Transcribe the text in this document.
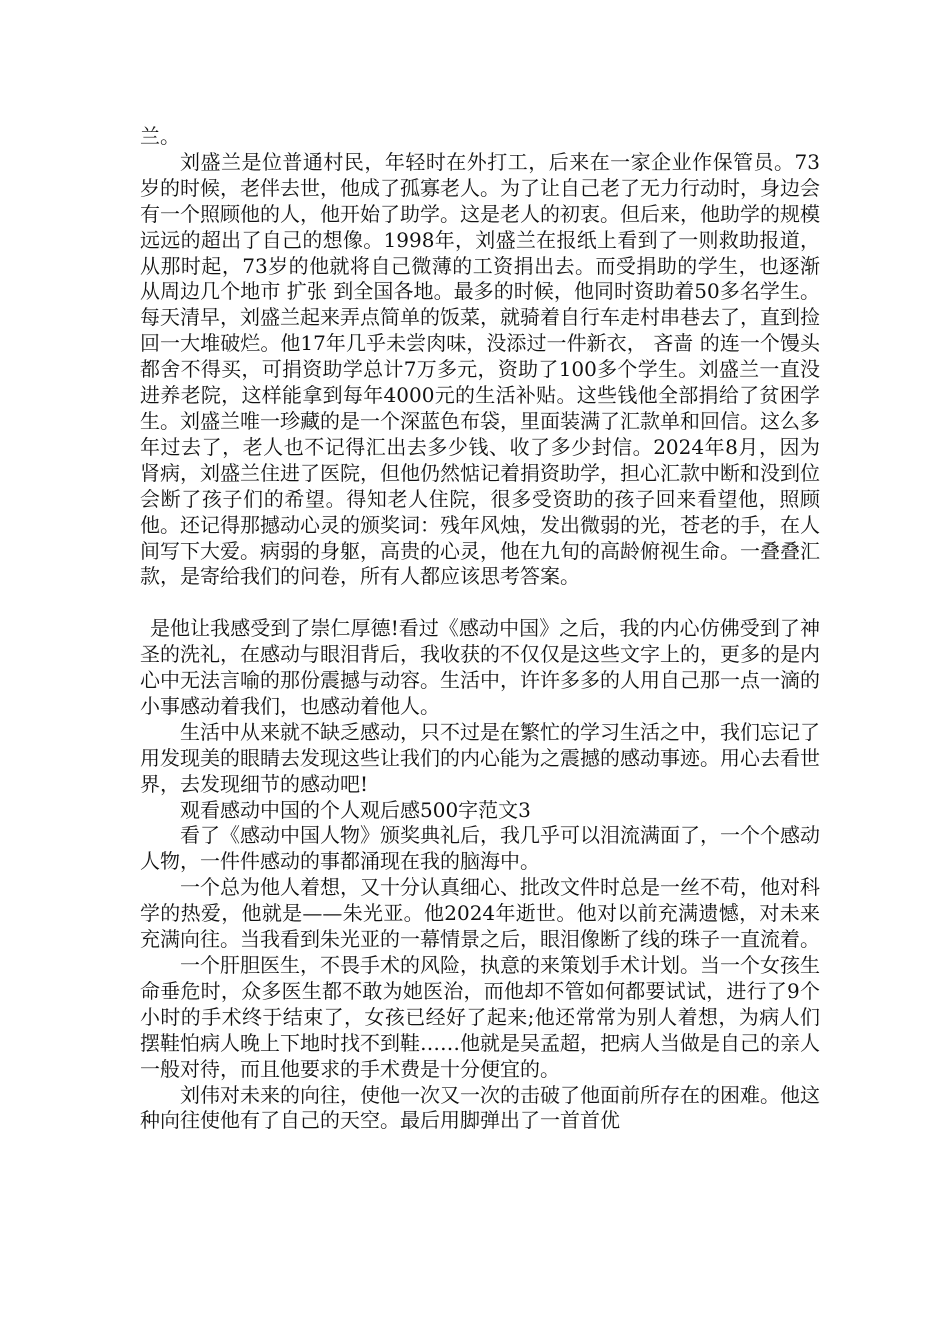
兰。

刘盛兰是位普通村民，年轻时在外打工，后来在一家企业作保管员。73岁的时候，老伴去世，他成了孤寡老人。为了让自己老了无力行动时，身边会有一个照顾他的人，他开始了助学。这是老人的初衷。但后来，他助学的规模远远的超出了自己的想像。1998年，刘盛兰在报纸上看到了一则救助报道，从那时起，73岁的他就将自己微薄的工资捐出去。而受捐助的学生，也逐渐从周边几个地市 扩张 到全国各地。最多的时候，他同时资助着50多名学生。每天清早，刘盛兰起来弄点简单的饭菜，就骑着自行车走村串巷去了，直到捡回一大堆破烂。他17年几乎未尝肉味，没添过一件新衣， 吝啬 的连一个馒头都舍不得买，可捐资助学总计7万多元，资助了100多个学生。刘盛兰一直没进养老院，这样能拿到每年4000元的生活补贴。这些钱他全部捐给了贫困学生。刘盛兰唯一珍藏的是一个深蓝色布袋，里面装满了汇款单和回信。这么多年过去了，老人也不记得汇出去多少钱、收了多少封信。2024年8月，因为肾病，刘盛兰住进了医院，但他仍然惦记着捐资助学，担心汇款中断和没到位会断了孩子们的希望。得知老人住院，很多受资助的孩子回来看望他，照顾他。还记得那撼动心灵的颁奖词：残年风烛，发出微弱的光，苍老的手，在人间写下大爱。病弱的身躯，高贵的心灵，他在九旬的高龄俯视生命。一叠叠汇款，是寄给我们的问卷，所有人都应该思考答案。

是他让我感受到了崇仁厚德!看过《感动中国》之后，我的内心仿佛受到了神圣的洗礼，在感动与眼泪背后，我收获的不仅仅是这些文字上的，更多的是内心中无法言喻的那份震撼与动容。生活中，许许多多的人用自己那一点一滴的小事感动着我们，也感动着他人。

生活中从来就不缺乏感动，只不过是在繁忙的学习生活之中，我们忘记了用发现美的眼睛去发现这些让我们的内心能为之震撼的感动事迹。用心去看世界，去发现细节的感动吧!

观看感动中国的个人观后感500字范文3

看了《感动中国人物》颁奖典礼后，我几乎可以泪流满面了，一个个感动人物，一件件感动的事都涌现在我的脑海中。

一个总为他人着想，又十分认真细心、批改文件时总是一丝不苟，他对科学的热爱，他就是——朱光亚。他2024年逝世。他对以前充满遗憾，对未来充满向往。当我看到朱光亚的一幕情景之后，眼泪像断了线的珠子一直流着。

一个肝胆医生，不畏手术的风险，执意的来策划手术计划。当一个女孩生命垂危时，众多医生都不敢为她医治，而他却不管如何都要试试，进行了9个小时的手术终于结束了，女孩已经好了起来;他还常常为别人着想，为病人们摆鞋怕病人晚上下地时找不到鞋……他就是吴孟超，把病人当做是自己的亲人一般对待，而且他要求的手术费是十分便宜的。

刘伟对未来的向往，使他一次又一次的击破了他面前所存在的困难。他这种向往使他有了自己的天空。最后用脚弹出了一首首优
